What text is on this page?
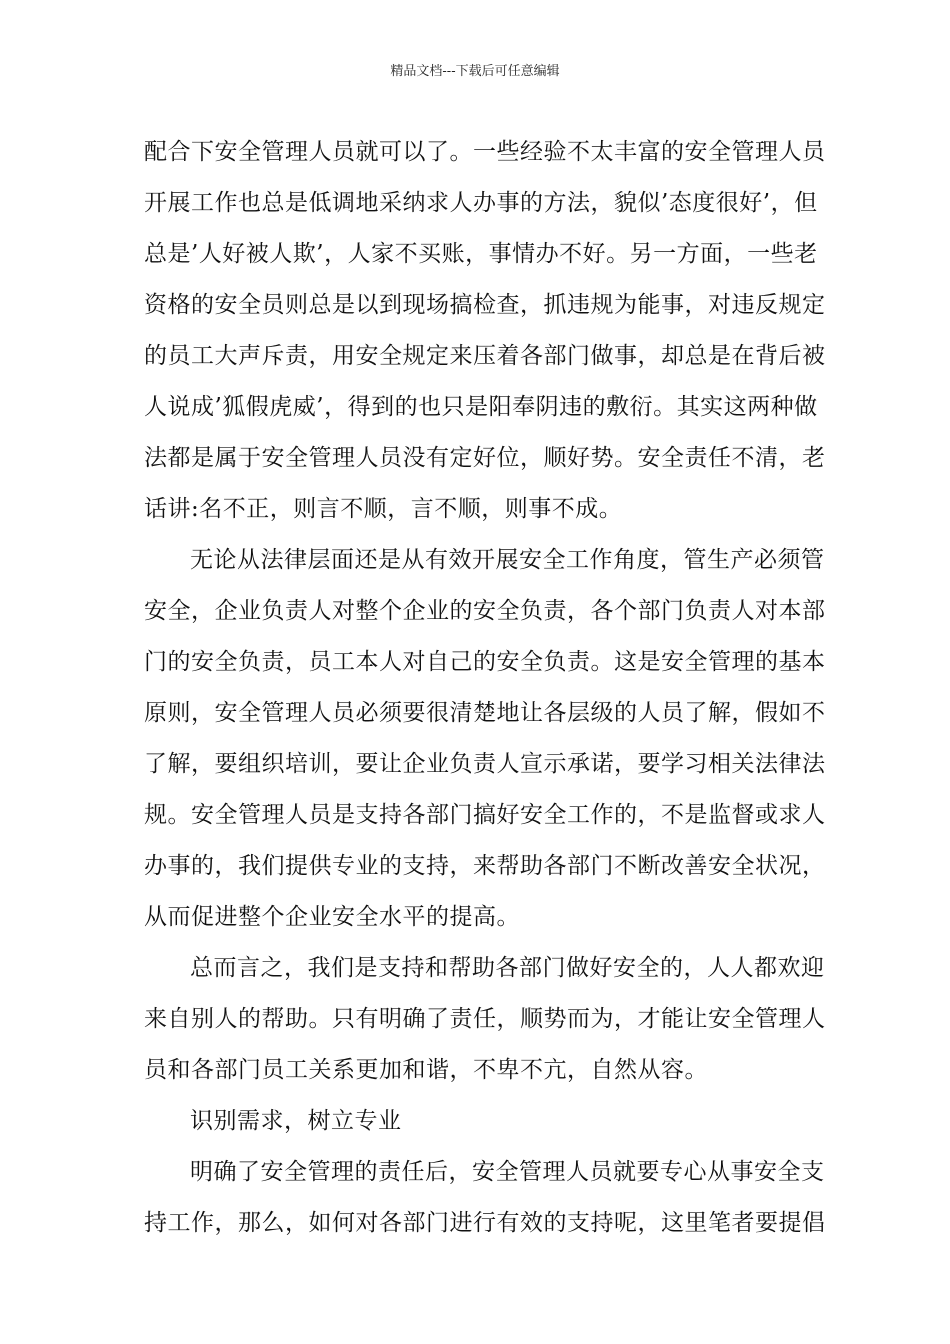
精品文档---下载后可任意编辑
配合下安全管理人员就可以了。一些经验不太丰富的安全管理人员
开展工作也总是低调地采纳求人办事的方法，貌似’态度很好’，但
总是’人好被人欺’，人家不买账，事情办不好。另一方面，一些老
资格的安全员则总是以到现场搞检查，抓违规为能事，对违反规定
的员工大声斥责，用安全规定来压着各部门做事，却总是在背后被
人说成’狐假虎威’，得到的也只是阳奉阴违的敷衍。其实这两种做
法都是属于安全管理人员没有定好位，顺好势。安全责任不清，老
话讲:名不正，则言不顺，言不顺，则事不成。
无论从法律层面还是从有效开展安全工作角度，管生产必须管
安全，企业负责人对整个企业的安全负责，各个部门负责人对本部
门的安全负责，员工本人对自己的安全负责。这是安全管理的基本
原则，安全管理人员必须要很清楚地让各层级的人员了解，假如不
了解，要组织培训，要让企业负责人宣示承诺，要学习相关法律法
规。安全管理人员是支持各部门搞好安全工作的，不是监督或求人
办事的，我们提供专业的支持，来帮助各部门不断改善安全状况，
从而促进整个企业安全水平的提高。
总而言之，我们是支持和帮助各部门做好安全的，人人都欢迎
来自别人的帮助。只有明确了责任，顺势而为，才能让安全管理人
员和各部门员工关系更加和谐，不卑不亢，自然从容。
识别需求，树立专业
明确了安全管理的责任后，安全管理人员就要专心从事安全支
持工作，那么，如何对各部门进行有效的支持呢，这里笔者要提倡
